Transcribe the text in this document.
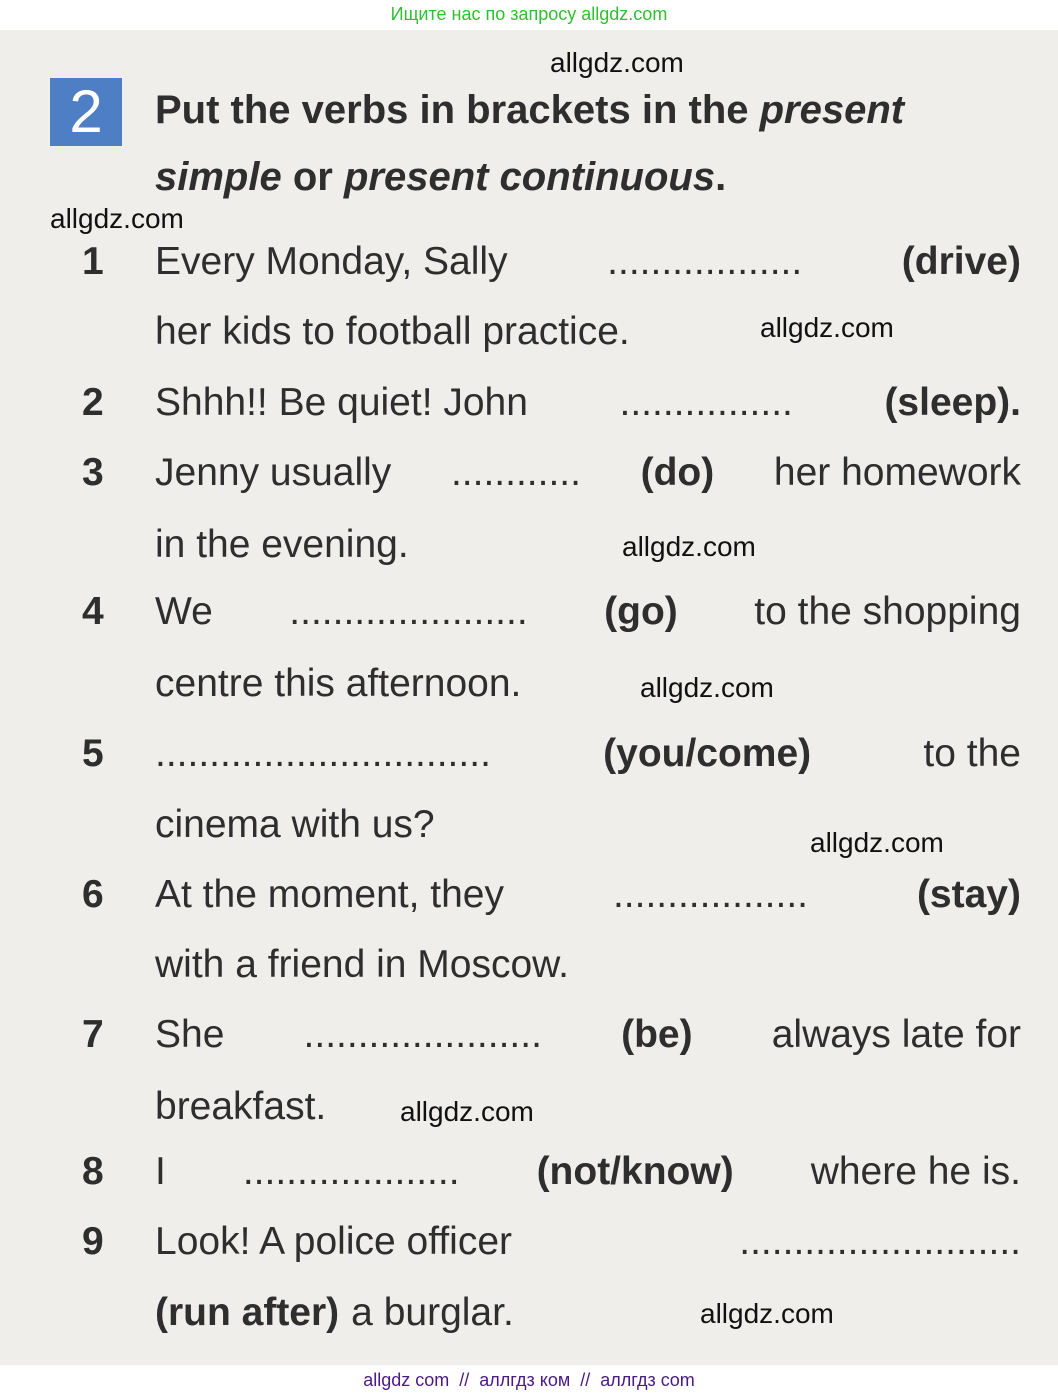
Ищите нас по запросу allgdz.com
2	Put the verbs in brackets in the present
simple or present continuous.
1 Every Monday, Sally	..................	(drive)
her kids to football practice.
2 Shhh!! Be quiet! John ................ (sleep).
3 Jenny usually ............ (do) her homework
in the evening.
4 We ...................... (go) to the shopping
centre this afternoon.
5 ...............................	(you/come)	to the
cinema with us?
6 At the moment, they	..................	(stay)
with a friend in Moscow.
7 She ...................... (be) always late for
breakfast.
8 I .................... (not/know) where he is.
9 Look! A police officer	..........................
(run after) a burglar.
allgdz.com
allgdz.com
allgdz.com
allgdz.com
allgdz.com
allgdz.com
allgdz.com
allgdz.com
allgdz com  //  аллгдз ком  //  аллгдз com
